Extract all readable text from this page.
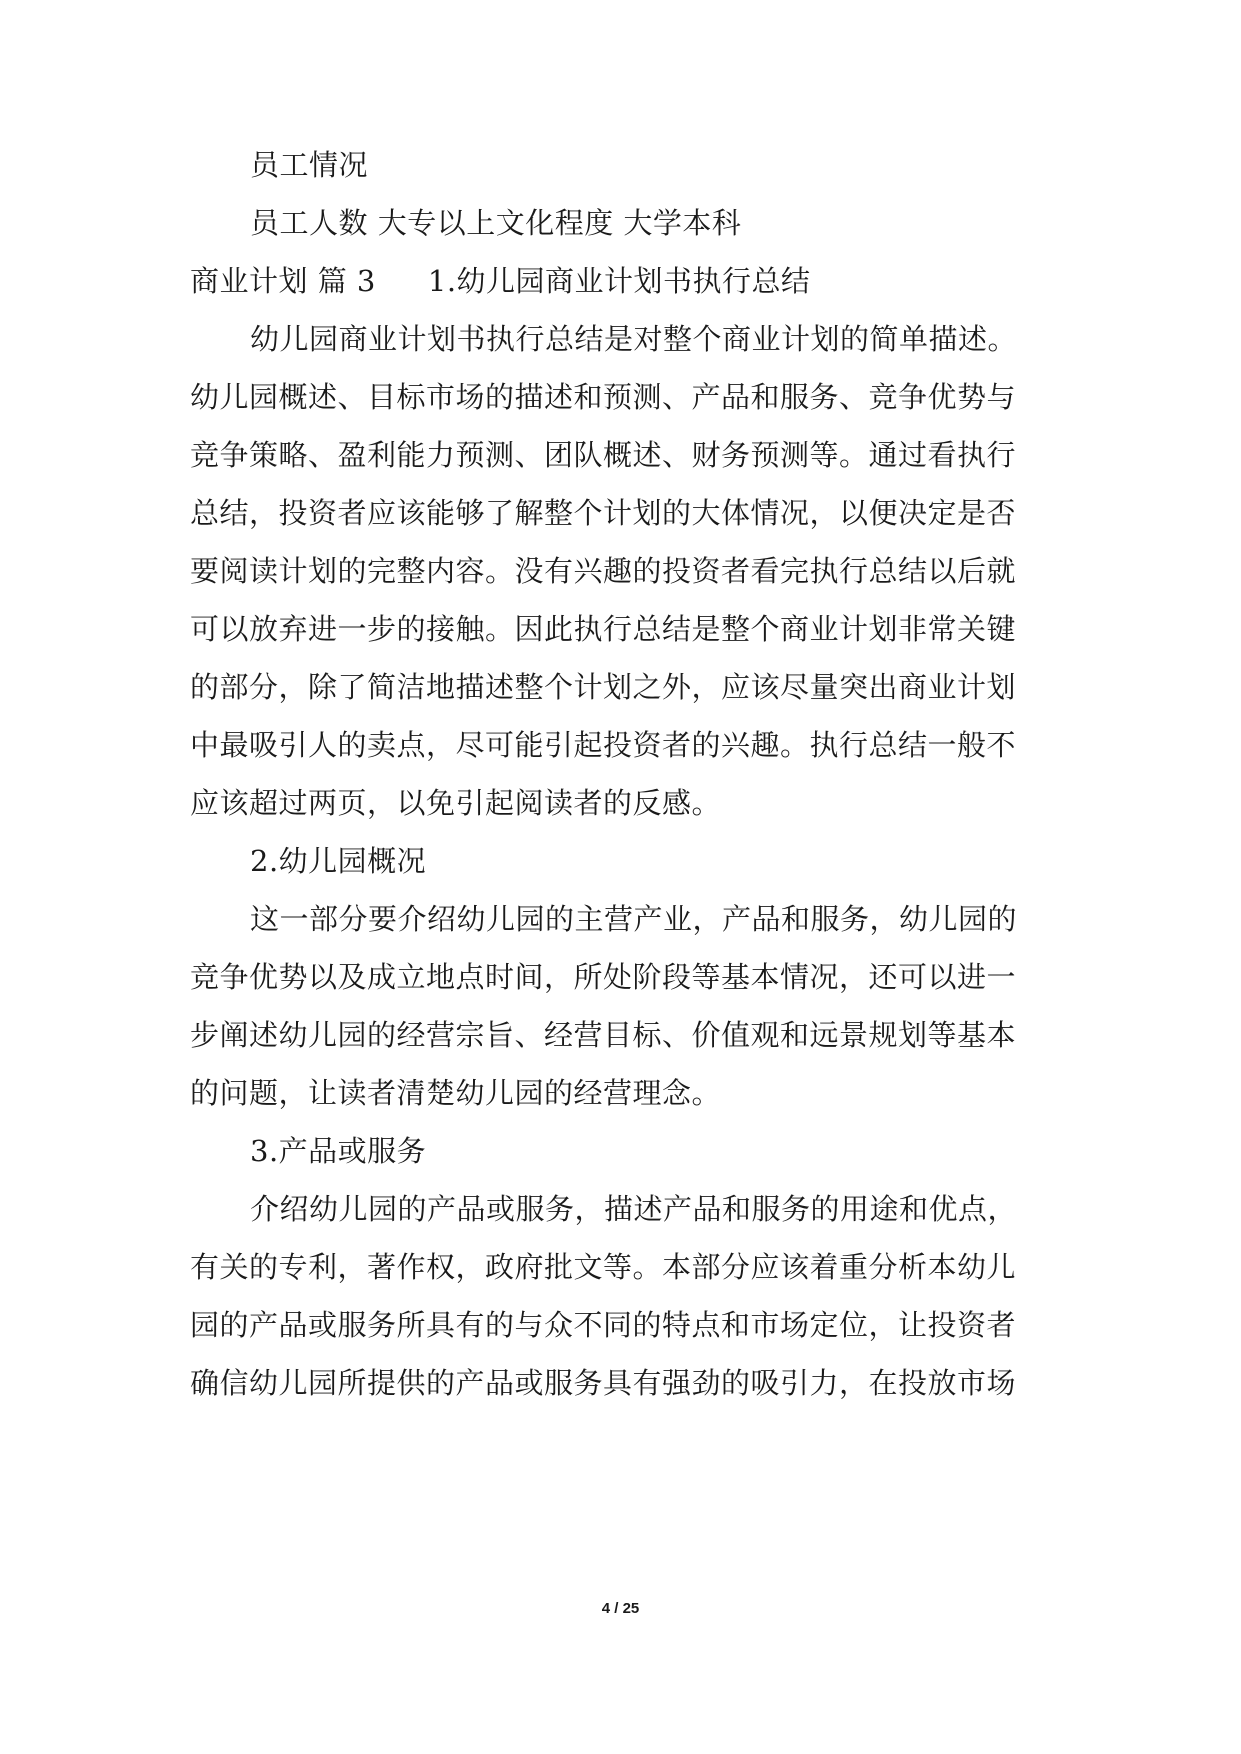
员工情况
员工人数 大专以上文化程度 大学本科
商业计划 篇 3 1.幼儿园商业计划书执行总结
幼儿园商业计划书执行总结是对整个商业计划的简单描述。
幼儿园概述、目标市场的描述和预测、产品和服务、竞争优势与
竞争策略、盈利能力预测、团队概述、财务预测等。通过看执行
总结，投资者应该能够了解整个计划的大体情况，以便决定是否
要阅读计划的完整内容。没有兴趣的投资者看完执行总结以后就
可以放弃进一步的接触。因此执行总结是整个商业计划非常关键
的部分，除了简洁地描述整个计划之外，应该尽量突出商业计划
中最吸引人的卖点，尽可能引起投资者的兴趣。执行总结一般不
应该超过两页，以免引起阅读者的反感。
2.幼儿园概况
这一部分要介绍幼儿园的主营产业，产品和服务，幼儿园的
竞争优势以及成立地点时间，所处阶段等基本情况，还可以进一
步阐述幼儿园的经营宗旨、经营目标、价值观和远景规划等基本
的问题，让读者清楚幼儿园的经营理念。
3.产品或服务
介绍幼儿园的产品或服务，描述产品和服务的用途和优点，
有关的专利，著作权，政府批文等。本部分应该着重分析本幼儿
园的产品或服务所具有的与众不同的特点和市场定位，让投资者
确信幼儿园所提供的产品或服务具有强劲的吸引力，在投放市场
4 / 25
